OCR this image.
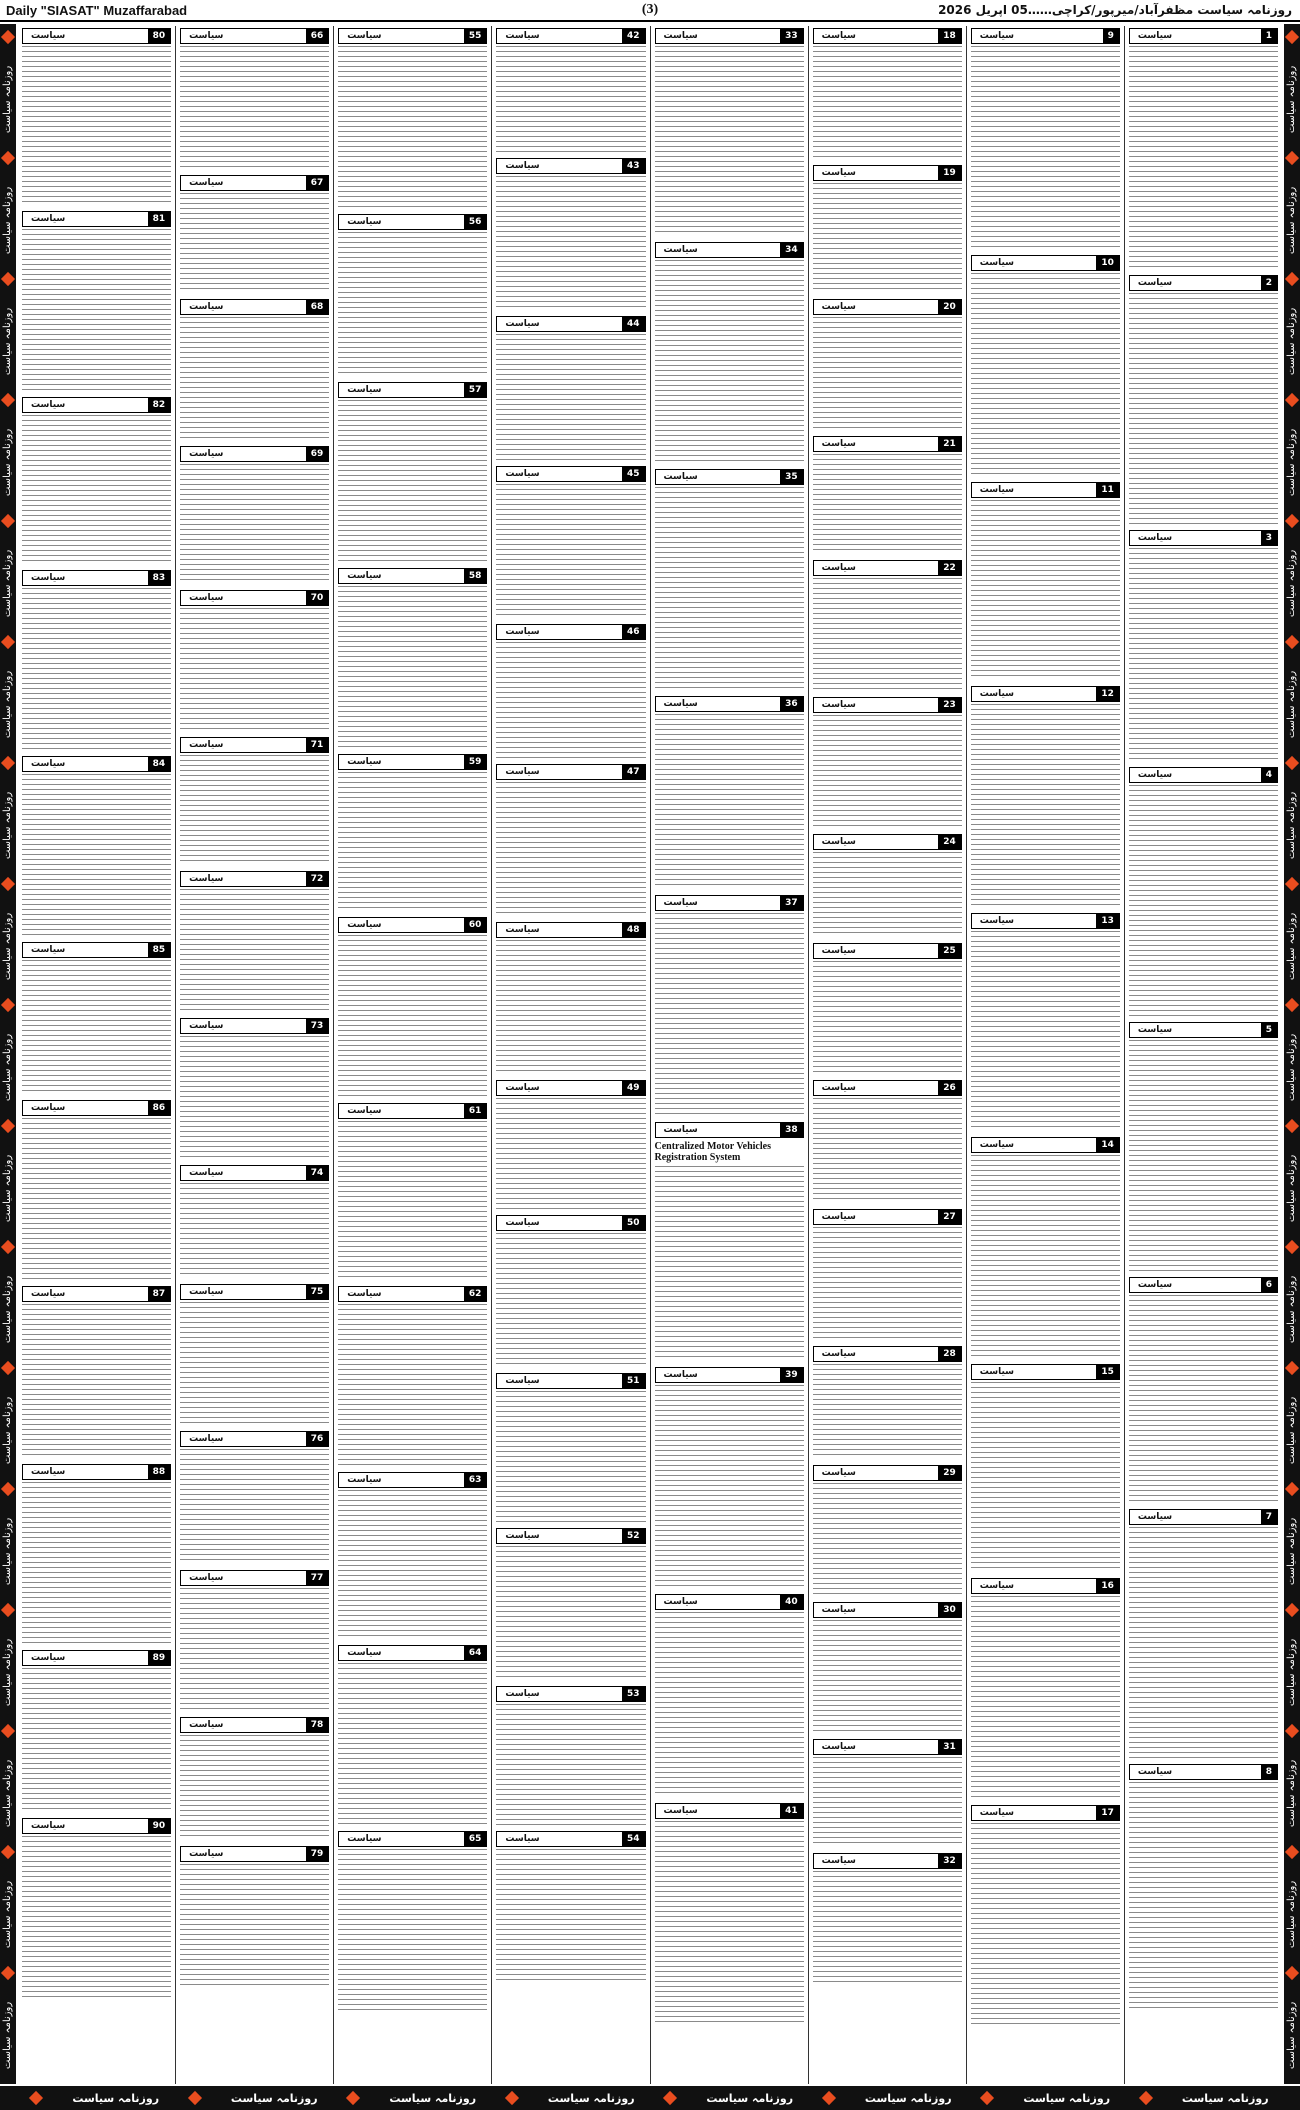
Daily "SIASAT" Muzaffarabad	(3)	روزنامہ سیاست مظفرآباد/میرپور/کراچی……05 اپریل 2026
روزنامہ سیاست
روزنامہ سیاست
روزنامہ سیاست
روزنامہ سیاست
روزنامہ سیاست
روزنامہ سیاست
روزنامہ سیاست
روزنامہ سیاست
روزنامہ سیاست
روزنامہ سیاست
روزنامہ سیاست
روزنامہ سیاست
روزنامہ سیاست
روزنامہ سیاست
روزنامہ سیاست
روزنامہ سیاست
روزنامہ سیاست
روزنامہ سیاست
روزنامہ سیاست
روزنامہ سیاست
روزنامہ سیاست
روزنامہ سیاست
روزنامہ سیاست
روزنامہ سیاست
روزنامہ سیاست
روزنامہ سیاست
روزنامہ سیاست
روزنامہ سیاست
روزنامہ سیاست
روزنامہ سیاست
روزنامہ سیاست
روزنامہ سیاست
روزنامہ سیاست
روزنامہ سیاست
1
سیاست
2
سیاست
3
سیاست
4
سیاست
5
سیاست
6
سیاست
7
سیاست
8
سیاست
9
سیاست
10
سیاست
11
سیاست
12
سیاست
13
سیاست
14
سیاست
15
سیاست
16
سیاست
17
سیاست
18
سیاست
19
سیاست
20
سیاست
21
سیاست
22
سیاست
23
سیاست
24
سیاست
25
سیاست
26
سیاست
27
سیاست
28
سیاست
29
سیاست
30
سیاست
31
سیاست
32
سیاست
33
سیاست
34
سیاست
35
سیاست
36
سیاست
37
سیاست
38
سیاست
Centralized Motor Vehicles Registration System
39
سیاست
40
سیاست
41
سیاست
42
سیاست
43
سیاست
44
سیاست
45
سیاست
46
سیاست
47
سیاست
48
سیاست
49
سیاست
50
سیاست
51
سیاست
52
سیاست
53
سیاست
54
سیاست
55
سیاست
56
سیاست
57
سیاست
58
سیاست
59
سیاست
60
سیاست
61
سیاست
62
سیاست
63
سیاست
64
سیاست
65
سیاست
66
سیاست
67
سیاست
68
سیاست
69
سیاست
70
سیاست
71
سیاست
72
سیاست
73
سیاست
74
سیاست
75
سیاست
76
سیاست
77
سیاست
78
سیاست
79
سیاست
80
سیاست
81
سیاست
82
سیاست
83
سیاست
84
سیاست
85
سیاست
86
سیاست
87
سیاست
88
سیاست
89
سیاست
90
سیاست
روزنامہ سیاست	روزنامہ سیاست	روزنامہ سیاست	روزنامہ سیاست	روزنامہ سیاست	روزنامہ سیاست	روزنامہ سیاست	روزنامہ سیاست
